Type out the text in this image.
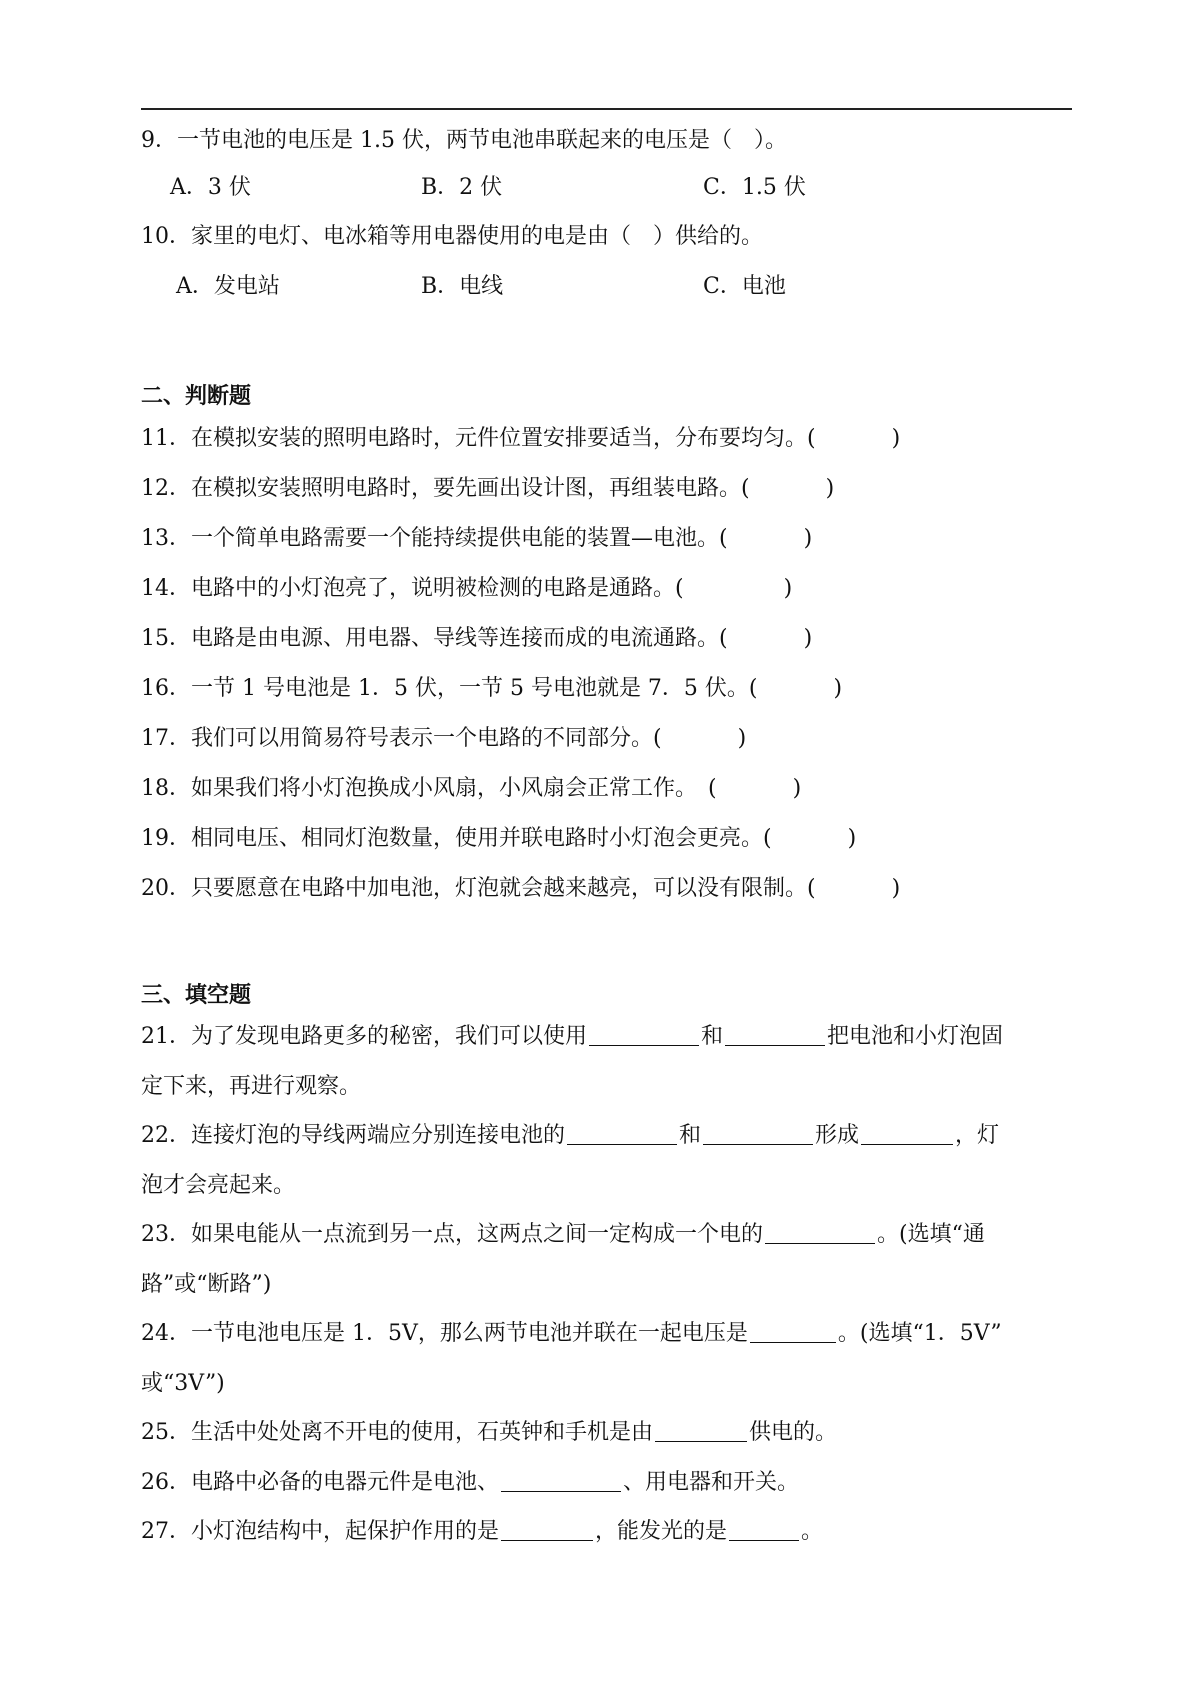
9．一节电池的电压是 1.5 伏，两节电池串联起来的电压是（　）。
A．3 伏	B．2 伏	C．1.5 伏
10．家里的电灯、电冰箱等用电器使用的电是由（　）供给的。
A．发电站	B．电线	C．电池
二、判断题
11．在模拟安装的照明电路时，元件位置安排要适当，分布要均匀。(	)
12．在模拟安装照明电路时，要先画出设计图，再组装电路。(	)
13．一个简单电路需要一个能持续提供电能的装置—电池。(	)
14．电路中的小灯泡亮了，说明被检测的电路是通路。(	)
15．电路是由电源、用电器、导线等连接而成的电流通路。(	)
16．一节 1 号电池是 1．5 伏，一节 5 号电池就是 7．5 伏。(	)
17．我们可以用简易符号表示一个电路的不同部分。(	)
18．如果我们将小灯泡换成小风扇，小风扇会正常工作。　(	)
19．相同电压、相同灯泡数量，使用并联电路时小灯泡会更亮。(	)
20．只要愿意在电路中加电池，灯泡就会越来越亮，可以没有限制。(	)
三、填空题
21．为了发现电路更多的秘密，我们可以使用	和	把电池和小灯泡固
定下来，再进行观察。
22．连接灯泡的导线两端应分别连接电池的	和	形成	，灯
泡才会亮起来。
23．如果电能从一点流到另一点，这两点之间一定构成一个电的	。(选填“通
路”或“断路”)
24．一节电池电压是 1．5V，那么两节电池并联在一起电压是	。(选填“1．5V”
或“3V”)
25．生活中处处离不开电的使用，石英钟和手机是由	供电的。
26．电路中必备的电器元件是电池、	、用电器和开关。
27．小灯泡结构中，起保护作用的是	，能发光的是	。
